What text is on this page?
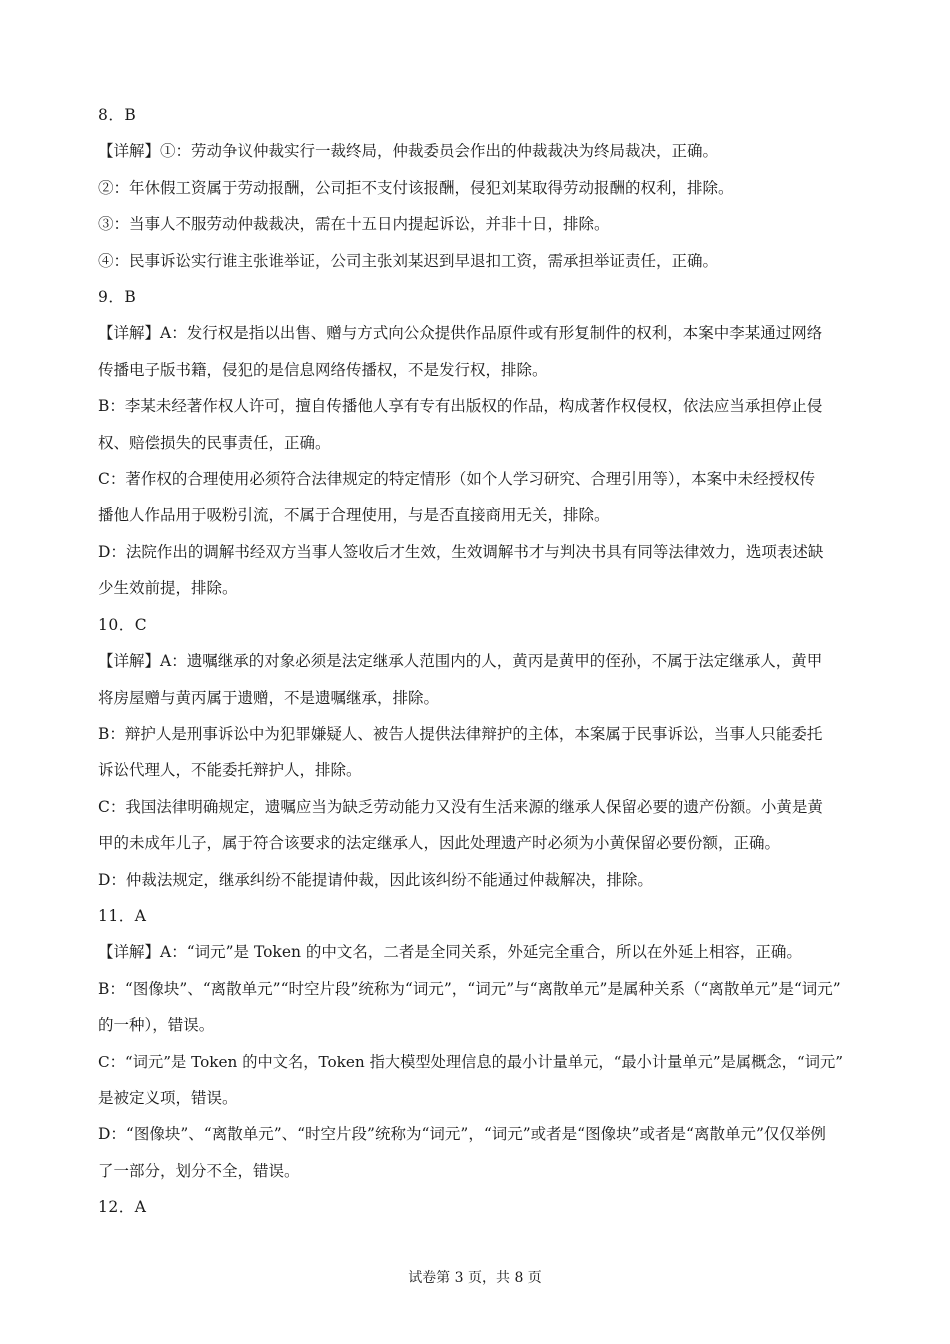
8．B

【详解】①：劳动争议仲裁实行一裁终局，仲裁委员会作出的仲裁裁决为终局裁决，正确。

②：年休假工资属于劳动报酬，公司拒不支付该报酬，侵犯刘某取得劳动报酬的权利，排除。

③：当事人不服劳动仲裁裁决，需在十五日内提起诉讼，并非十日，排除。

④：民事诉讼实行谁主张谁举证，公司主张刘某迟到早退扣工资，需承担举证责任，正确。

9．B

【详解】A：发行权是指以出售、赠与方式向公众提供作品原件或有形复制件的权利，本案中李某通过网络

传播电子版书籍，侵犯的是信息网络传播权，不是发行权，排除。

B：李某未经著作权人许可，擅自传播他人享有专有出版权的作品，构成著作权侵权，依法应当承担停止侵

权、赔偿损失的民事责任，正确。

C：著作权的合理使用必须符合法律规定的特定情形（如个人学习研究、合理引用等），本案中未经授权传

播他人作品用于吸粉引流，不属于合理使用，与是否直接商用无关，排除。

D：法院作出的调解书经双方当事人签收后才生效，生效调解书才与判决书具有同等法律效力，选项表述缺

少生效前提，排除。

10．C

【详解】A：遗嘱继承的对象必须是法定继承人范围内的人，黄丙是黄甲的侄孙，不属于法定继承人，黄甲

将房屋赠与黄丙属于遗赠，不是遗嘱继承，排除。

B：辩护人是刑事诉讼中为犯罪嫌疑人、被告人提供法律辩护的主体，本案属于民事诉讼，当事人只能委托

诉讼代理人，不能委托辩护人，排除。

C：我国法律明确规定，遗嘱应当为缺乏劳动能力又没有生活来源的继承人保留必要的遗产份额。小黄是黄

甲的未成年儿子，属于符合该要求的法定继承人，因此处理遗产时必须为小黄保留必要份额，正确。

D：仲裁法规定，继承纠纷不能提请仲裁，因此该纠纷不能通过仲裁解决，排除。

11．A

【详解】A：“词元”是 Token 的中文名，二者是全同关系，外延完全重合，所以在外延上相容，正确。

B：“图像块”、“离散单元”“时空片段”统称为“词元”，“词元”与“离散单元”是属种关系（“离散单元”是“词元”

的一种），错误。

C：“词元”是 Token 的中文名，Token 指大模型处理信息的最小计量单元，“最小计量单元”是属概念，“词元”

是被定义项，错误。

D：“图像块”、“离散单元”、“时空片段”统称为“词元”，“词元”或者是“图像块”或者是“离散单元”仅仅举例

了一部分，划分不全，错误。

12．A

试卷第 3 页，共 8 页
